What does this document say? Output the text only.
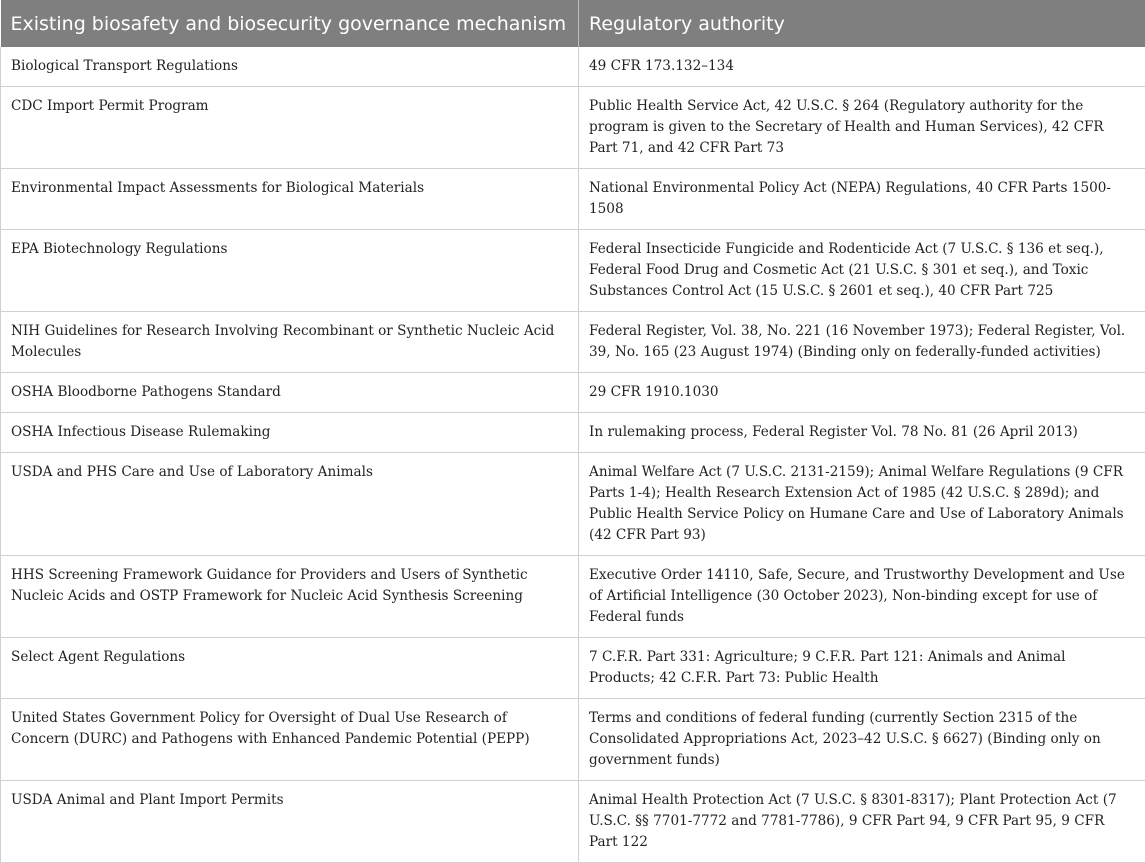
Existing biosafety and biosecurity governance mechanism	Regulatory authority
Biological Transport Regulations	49 CFR 173.132–134
CDC Import Permit Program	Public Health Service Act, 42 U.S.C. § 264 (Regulatory authority for the program is given to the Secretary of Health and Human Services), 42 CFR Part 71, and 42 CFR Part 73
Environmental Impact Assessments for Biological Materials	National Environmental Policy Act (NEPA) Regulations, 40 CFR Parts 1500-1508
EPA Biotechnology Regulations	Federal Insecticide Fungicide and Rodenticide Act (7 U.S.C. § 136 et seq.), Federal Food Drug and Cosmetic Act (21 U.S.C. § 301 et seq.), and Toxic Substances Control Act (15 U.S.C. § 2601 et seq.), 40 CFR Part 725
NIH Guidelines for Research Involving Recombinant or Synthetic Nucleic Acid Molecules	Federal Register, Vol. 38, No. 221 (16 November 1973); Federal Register, Vol. 39, No. 165 (23 August 1974) (Binding only on federally-funded activities)
OSHA Bloodborne Pathogens Standard	29 CFR 1910.1030
OSHA Infectious Disease Rulemaking	In rulemaking process, Federal Register Vol. 78 No. 81 (26 April 2013)
USDA and PHS Care and Use of Laboratory Animals	Animal Welfare Act (7 U.S.C. 2131-2159); Animal Welfare Regulations (9 CFR Parts 1-4); Health Research Extension Act of 1985 (42 U.S.C. § 289d); and Public Health Service Policy on Humane Care and Use of Laboratory Animals (42 CFR Part 93)
HHS Screening Framework Guidance for Providers and Users of Synthetic Nucleic Acids and OSTP Framework for Nucleic Acid Synthesis Screening	Executive Order 14110, Safe, Secure, and Trustworthy Development and Use of Artificial Intelligence (30 October 2023), Non-binding except for use of Federal funds
Select Agent Regulations	7 C.F.R. Part 331: Agriculture; 9 C.F.R. Part 121: Animals and Animal Products; 42 C.F.R. Part 73: Public Health
United States Government Policy for Oversight of Dual Use Research of Concern (DURC) and Pathogens with Enhanced Pandemic Potential (PEPP)	Terms and conditions of federal funding (currently Section 2315 of the Consolidated Appropriations Act, 2023–42 U.S.C. § 6627) (Binding only on government funds)
USDA Animal and Plant Import Permits	Animal Health Protection Act (7 U.S.C. § 8301-8317); Plant Protection Act (7 U.S.C. §§ 7701-7772 and 7781-7786), 9 CFR Part 94, 9 CFR Part 95, 9 CFR Part 122
